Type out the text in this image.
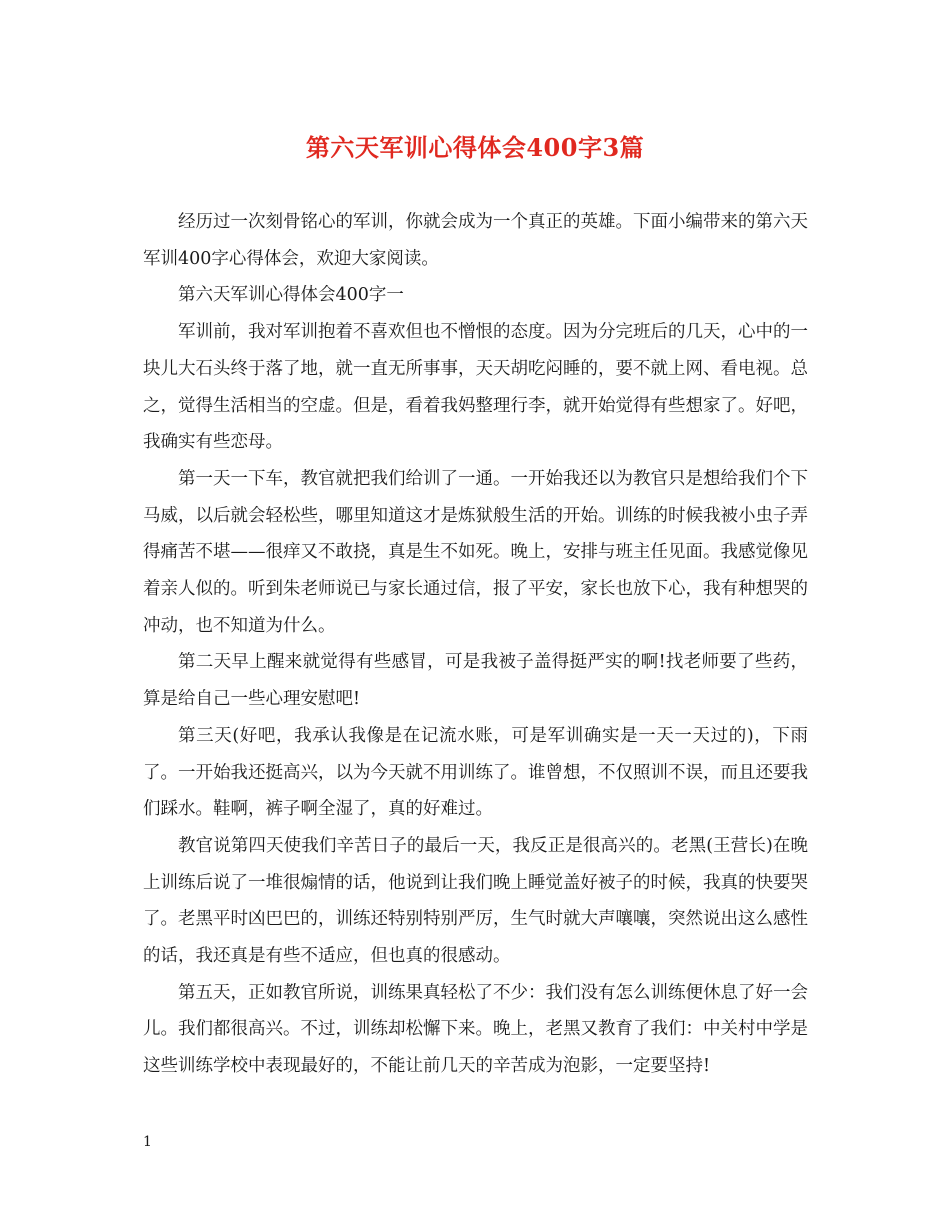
第六天军训心得体会400字3篇

经历过一次刻骨铭心的军训，你就会成为一个真正的英雄。下面小编带来的第六天军训400字心得体会，欢迎大家阅读。

第六天军训心得体会400字一

军训前，我对军训抱着不喜欢但也不憎恨的态度。因为分完班后的几天，心中的一块儿大石头终于落了地，就一直无所事事，天天胡吃闷睡的，要不就上网、看电视。总之，觉得生活相当的空虚。但是，看着我妈整理行李，就开始觉得有些想家了。好吧，我确实有些恋母。

第一天一下车，教官就把我们给训了一通。一开始我还以为教官只是想给我们个下马威，以后就会轻松些，哪里知道这才是炼狱般生活的开始。训练的时候我被小虫子弄得痛苦不堪——很痒又不敢挠，真是生不如死。晚上，安排与班主任见面。我感觉像见着亲人似的。听到朱老师说已与家长通过信，报了平安，家长也放下心，我有种想哭的冲动，也不知道为什么。

第二天早上醒来就觉得有些感冒，可是我被子盖得挺严实的啊!找老师要了些药，算是给自己一些心理安慰吧!

第三天(好吧，我承认我像是在记流水账，可是军训确实是一天一天过的)，下雨了。一开始我还挺高兴，以为今天就不用训练了。谁曾想，不仅照训不误，而且还要我们踩水。鞋啊，裤子啊全湿了，真的好难过。

教官说第四天使我们辛苦日子的最后一天，我反正是很高兴的。老黑(王营长)在晚上训练后说了一堆很煽情的话，他说到让我们晚上睡觉盖好被子的时候，我真的快要哭了。老黑平时凶巴巴的，训练还特别特别严厉，生气时就大声嚷嚷，突然说出这么感性的话，我还真是有些不适应，但也真的很感动。

第五天，正如教官所说，训练果真轻松了不少：我们没有怎么训练便休息了好一会儿。我们都很高兴。不过，训练却松懈下来。晚上，老黑又教育了我们：中关村中学是这些训练学校中表现最好的，不能让前几天的辛苦成为泡影，一定要坚持!

1
